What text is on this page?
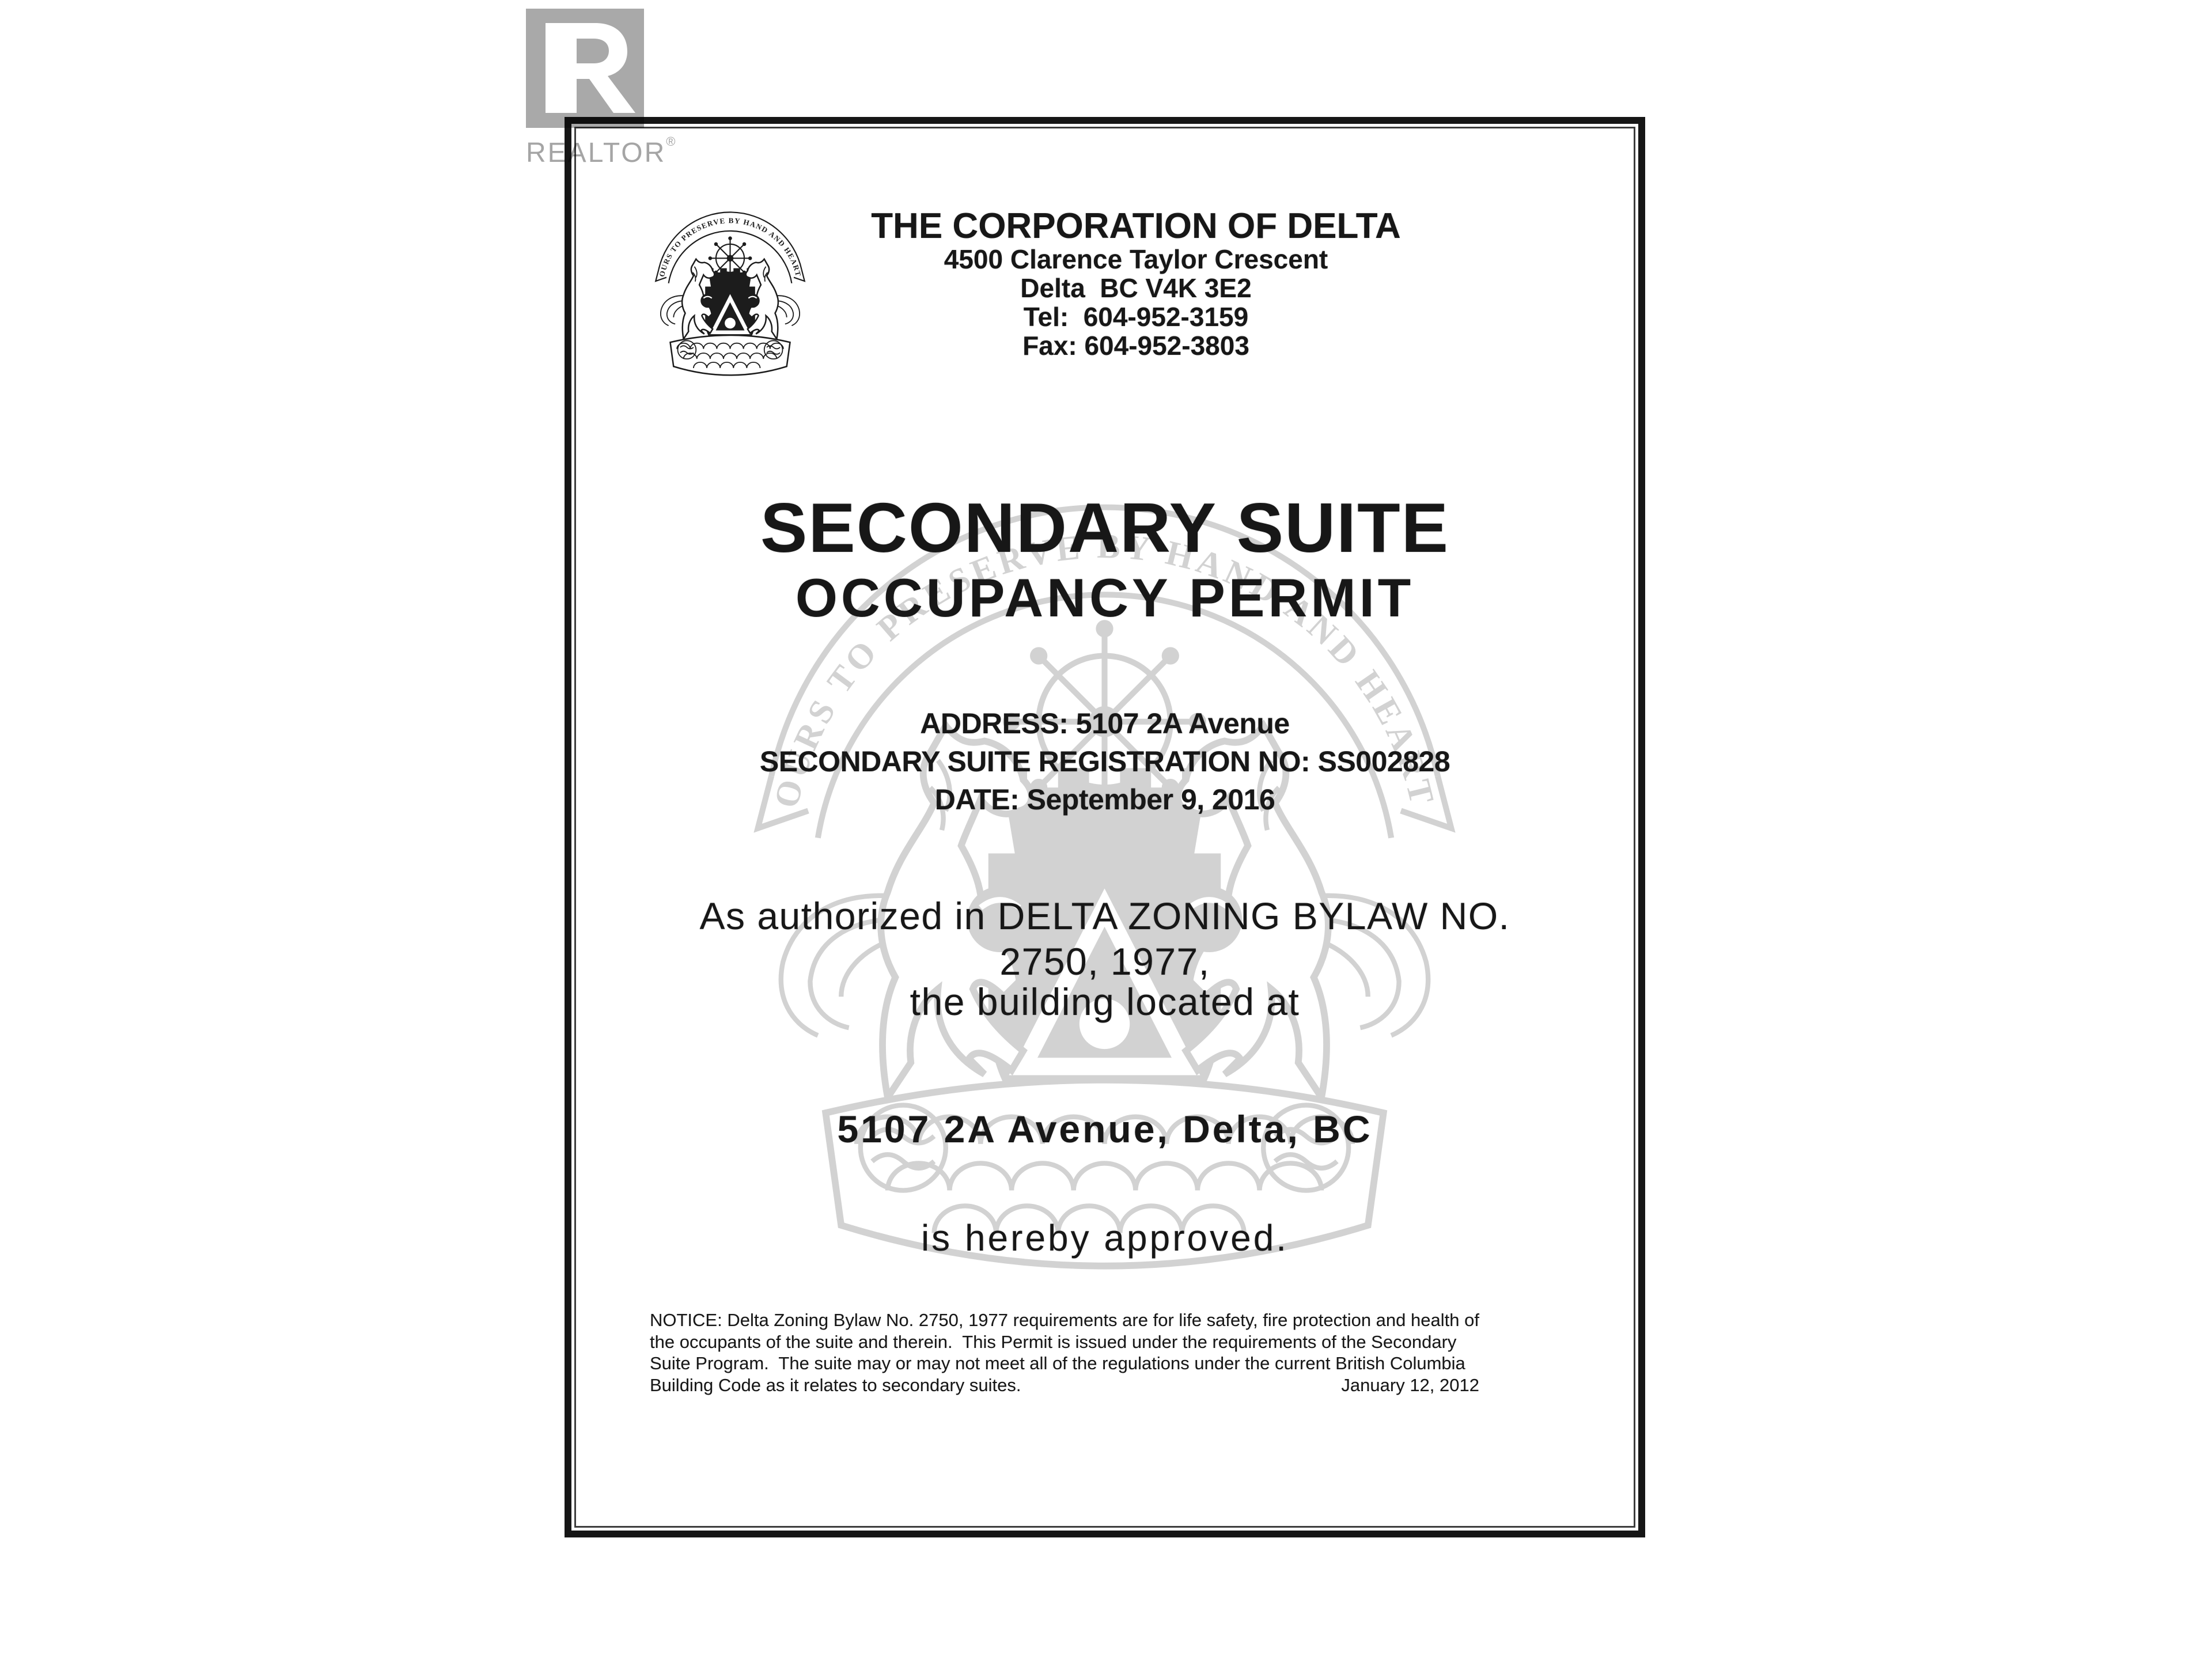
REALTOR®
THE CORPORATION OF DELTA
4500 Clarence Taylor Crescent
Delta  BC V4K 3E2
Tel:  604-952-3159
Fax: 604-952-3803
SECONDARY SUITE
OCCUPANCY PERMIT
ADDRESS: 5107 2A Avenue
SECONDARY SUITE REGISTRATION NO: SS002828
DATE: September 9, 2016
As authorized in DELTA ZONING BYLAW NO.
2750, 1977,
the building located at
5107 2A Avenue, Delta, BC
is hereby approved.
NOTICE: Delta Zoning Bylaw No. 2750, 1977 requirements are for life safety, fire protection and health of
the occupants of the suite and therein.  This Permit is issued under the requirements of the Secondary
Suite Program.  The suite may or may not meet all of the regulations under the current British Columbia
Building Code as it relates to secondary suites.	January 12, 2012
